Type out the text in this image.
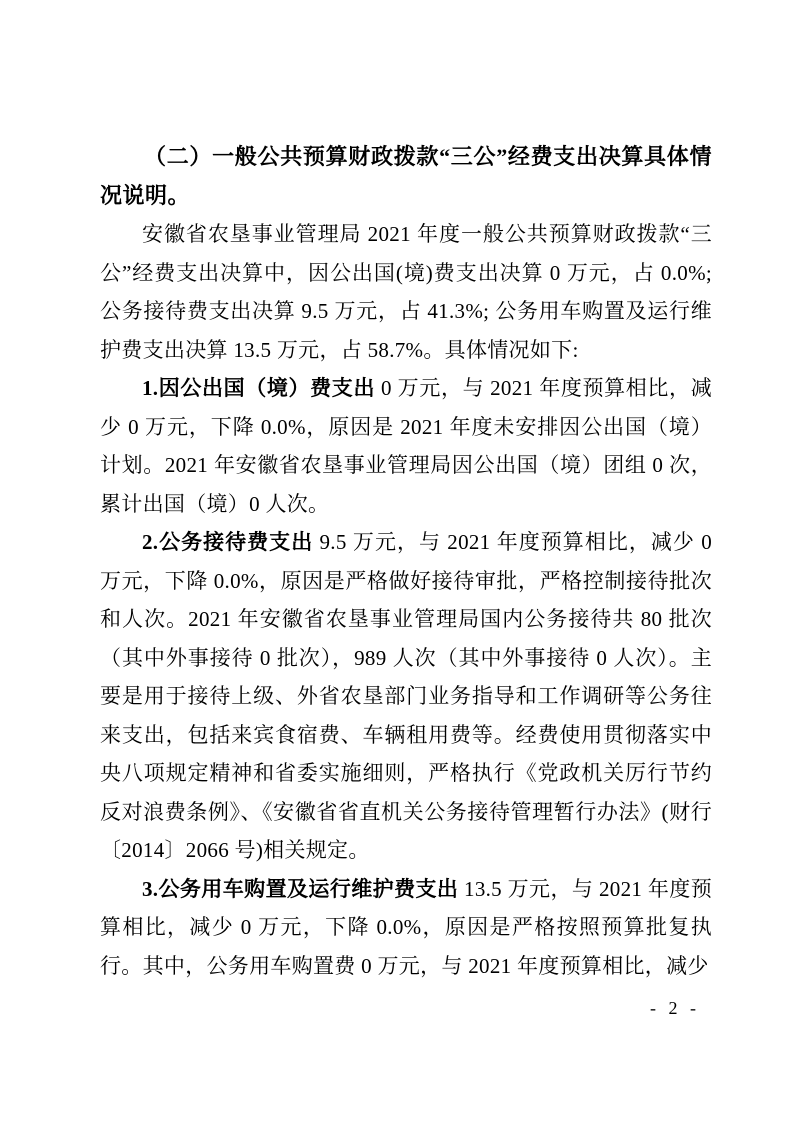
（二）一般公共预算财政拨款“三公”经费支出决算具体情况说明。

安徽省农垦事业管理局 2021 年度一般公共预算财政拨款“三公”经费支出决算中，因公出国(境)费支出决算 0 万元，占 0.0%; 公务接待费支出决算 9.5 万元，占 41.3%; 公务用车购置及运行维护费支出决算 13.5 万元，占 58.7%。具体情况如下:

1.因公出国（境）费支出 0 万元，与 2021 年度预算相比，减少 0 万元，下降 0.0%，原因是 2021 年度未安排因公出国（境）计划。2021 年安徽省农垦事业管理局因公出国（境）团组 0 次，累计出国（境）0 人次。

2.公务接待费支出 9.5 万元，与 2021 年度预算相比，减少 0 万元，下降 0.0%，原因是严格做好接待审批，严格控制接待批次和人次。2021 年安徽省农垦事业管理局国内公务接待共 80 批次（其中外事接待 0 批次），989 人次（其中外事接待 0 人次）。主要是用于接待上级、外省农垦部门业务指导和工作调研等公务往来支出，包括来宾食宿费、车辆租用费等。经费使用贯彻落实中央八项规定精神和省委实施细则，严格执行《党政机关厉行节约反对浪费条例》、《安徽省省直机关公务接待管理暂行办法》(财行〔2014〕2066 号)相关规定。

3.公务用车购置及运行维护费支出 13.5 万元，与 2021 年度预算相比，减少 0 万元，下降 0.0%，原因是严格按照预算批复执行。其中，公务用车购置费 0 万元，与 2021 年度预算相比，减少

- 2 -
